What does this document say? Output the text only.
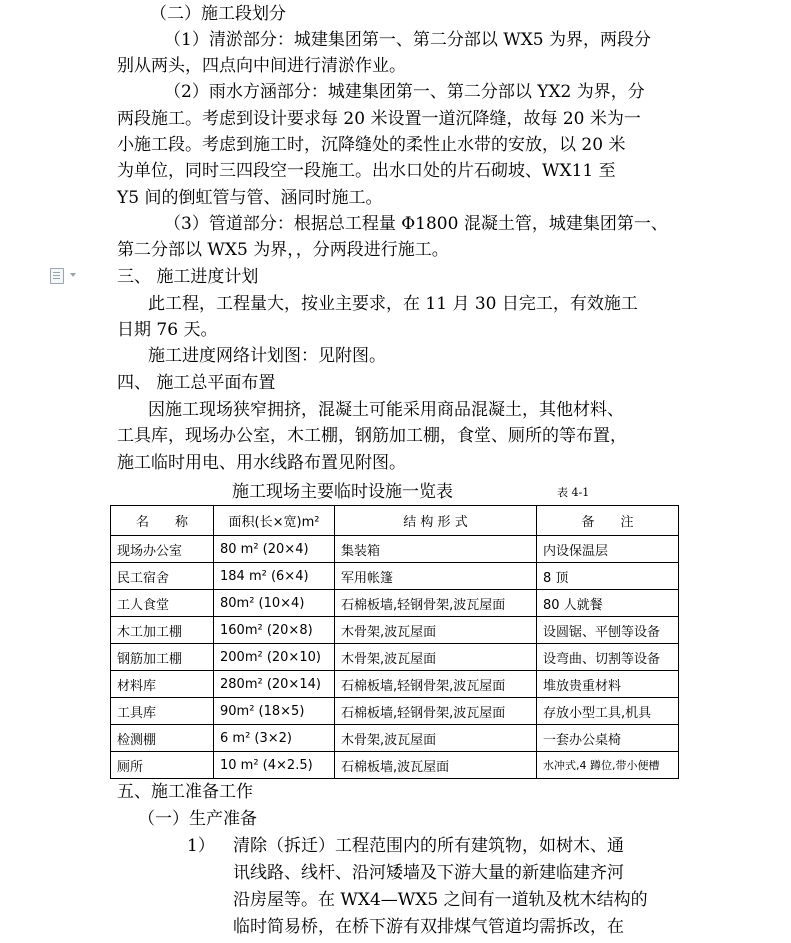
（二）施工段划分
（1）清淤部分：城建集团第一、第二分部以 WX5 为界，两段分
别从两头，四点向中间进行清淤作业。
（2）雨水方涵部分：城建集团第一、第二分部以 YX2 为界，分
两段施工。考虑到设计要求每 20 米设置一道沉降缝，故每 20 米为一
小施工段。考虑到施工时，沉降缝处的柔性止水带的安放，以 20 米
为单位，同时三四段空一段施工。出水口处的片石砌坡、WX11 至
Y5 间的倒虹管与管、涵同时施工。
（3）管道部分：根据总工程量 Φ1800 混凝土管，城建集团第一、
第二分部以 WX5 为界，，分两段进行施工。
三、 施工进度计划
此工程，工程量大，按业主要求，在 11 月 30 日完工，有效施工
日期 76 天。
施工进度网络计划图：见附图。
四、 施工总平面布置
因施工现场狭窄拥挤，混凝土可能采用商品混凝土，其他材料、
工具库，现场办公室，木工棚，钢筋加工棚，食堂、厕所的等布置，
施工临时用电、用水线路布置见附图。
施工现场主要临时设施一览表	表 4-1
名　　称	面积(长×宽)m²	结 构 形 式	备　　注
现场办公室	80 m² (20×4)	集装箱	内设保温层
民工宿舍	184 m² (6×4)	军用帐篷	8 顶
工人食堂	80m² (10×4)	石棉板墙,轻钢骨架,波瓦屋面	80 人就餐
木工加工棚	160m² (20×8)	木骨架,波瓦屋面	设圆锯、平刨等设备
钢筋加工棚	200m² (20×10)	木骨架,波瓦屋面	设弯曲、切割等设备
材料库	280m² (20×14)	石棉板墙,轻钢骨架,波瓦屋面	堆放贵重材料
工具库	90m² (18×5)	石棉板墙,轻钢骨架,波瓦屋面	存放小型工具,机具
检测棚	6 m² (3×2)	木骨架,波瓦屋面	一套办公桌椅
厕所	10 m² (4×2.5)	石棉板墙,波瓦屋面	水冲式,4 蹲位,带小便槽
五、施工准备工作
（一）生产准备
1） 清除（拆迁）工程范围内的所有建筑物，如树木、通
讯线路、线杆、沿河矮墙及下游大量的新建临建齐河
沿房屋等。在 WX4—WX5 之间有一道轨及枕木结构的
临时简易桥，在桥下游有双排煤气管道均需拆改，在
